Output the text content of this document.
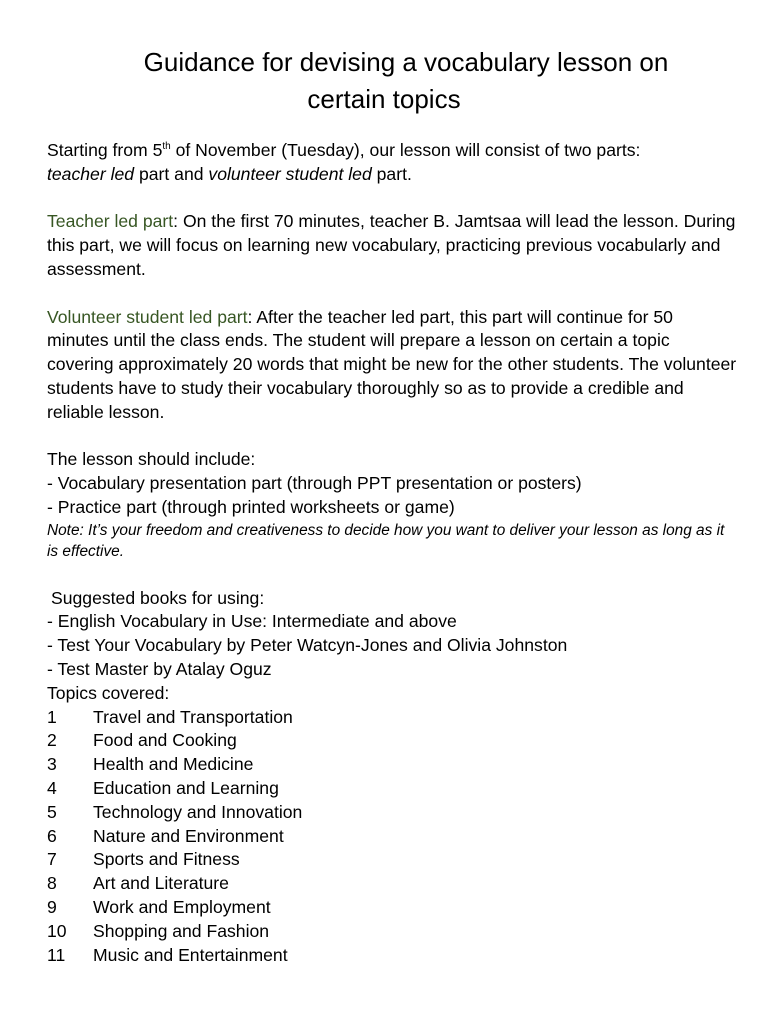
Guidance for devising a vocabulary lesson on
certain topics

Starting from 5th of November (Tuesday), our lesson will consist of two parts:
teacher led part and volunteer student led part.

Teacher led part: On the first 70 minutes, teacher B. Jamtsaa will lead the lesson. During this part, we will focus on learning new vocabulary, practicing previous vocabularly and assessment.

Volunteer student led part: After the teacher led part, this part will continue for 50 minutes until the class ends. The student will prepare a lesson on certain a topic covering approximately 20 words that might be new for the other students. The volunteer students have to study their vocabulary thoroughly so as to provide a credible and reliable lesson.

The lesson should include:

- Vocabulary presentation part (through PPT presentation or posters)

- Practice part (through printed worksheets or game)

Note: It’s your freedom and creativeness to decide how you want to deliver your lesson as long as it is effective.

Suggested books for using:

- English Vocabulary in Use: Intermediate and above

- Test Your Vocabulary by Peter Watcyn-Jones and Olivia Johnston

- Test Master by Atalay Oguz

Topics covered:

1	Travel and Transportation
2	Food and Cooking
3	Health and Medicine
4	Education and Learning
5	Technology and Innovation
6	Nature and Environment
7	Sports and Fitness
8	Art and Literature
9	Work and Employment
10	Shopping and Fashion
11	Music and Entertainment
